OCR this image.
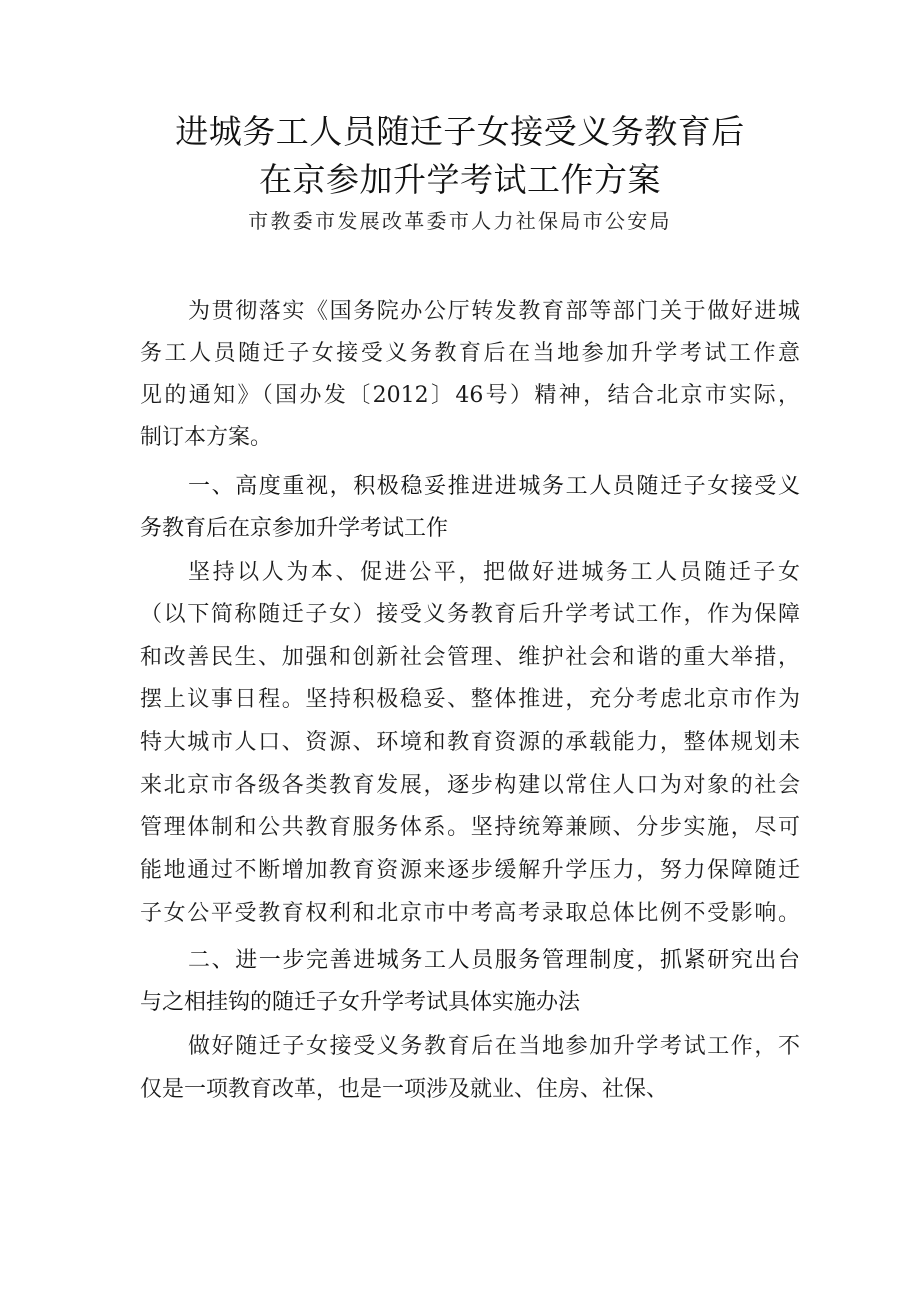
进城务工人员随迁子女接受义务教育后
在京参加升学考试工作方案
市教委市发展改革委市人力社保局市公安局
为贯彻落实《国务院办公厅转发教育部等部门关于做好进城
务工人员随迁子女接受义务教育后在当地参加升学考试工作意
见的通知》（国办发〔2012〕46号）精神，结合北京市实际，
制订本方案。
一、高度重视，积极稳妥推进进城务工人员随迁子女接受义
务教育后在京参加升学考试工作
坚持以人为本、促进公平，把做好进城务工人员随迁子女
（以下简称随迁子女）接受义务教育后升学考试工作，作为保障
和改善民生、加强和创新社会管理、维护社会和谐的重大举措，
摆上议事日程。坚持积极稳妥、整体推进，充分考虑北京市作为
特大城市人口、资源、环境和教育资源的承载能力，整体规划未
来北京市各级各类教育发展，逐步构建以常住人口为对象的社会
管理体制和公共教育服务体系。坚持统筹兼顾、分步实施，尽可
能地通过不断增加教育资源来逐步缓解升学压力，努力保障随迁
子女公平受教育权利和北京市中考高考录取总体比例不受影响。
二、进一步完善进城务工人员服务管理制度，抓紧研究出台
与之相挂钩的随迁子女升学考试具体实施办法
做好随迁子女接受义务教育后在当地参加升学考试工作，不
仅是一项教育改革，也是一项涉及就业、住房、社保、
